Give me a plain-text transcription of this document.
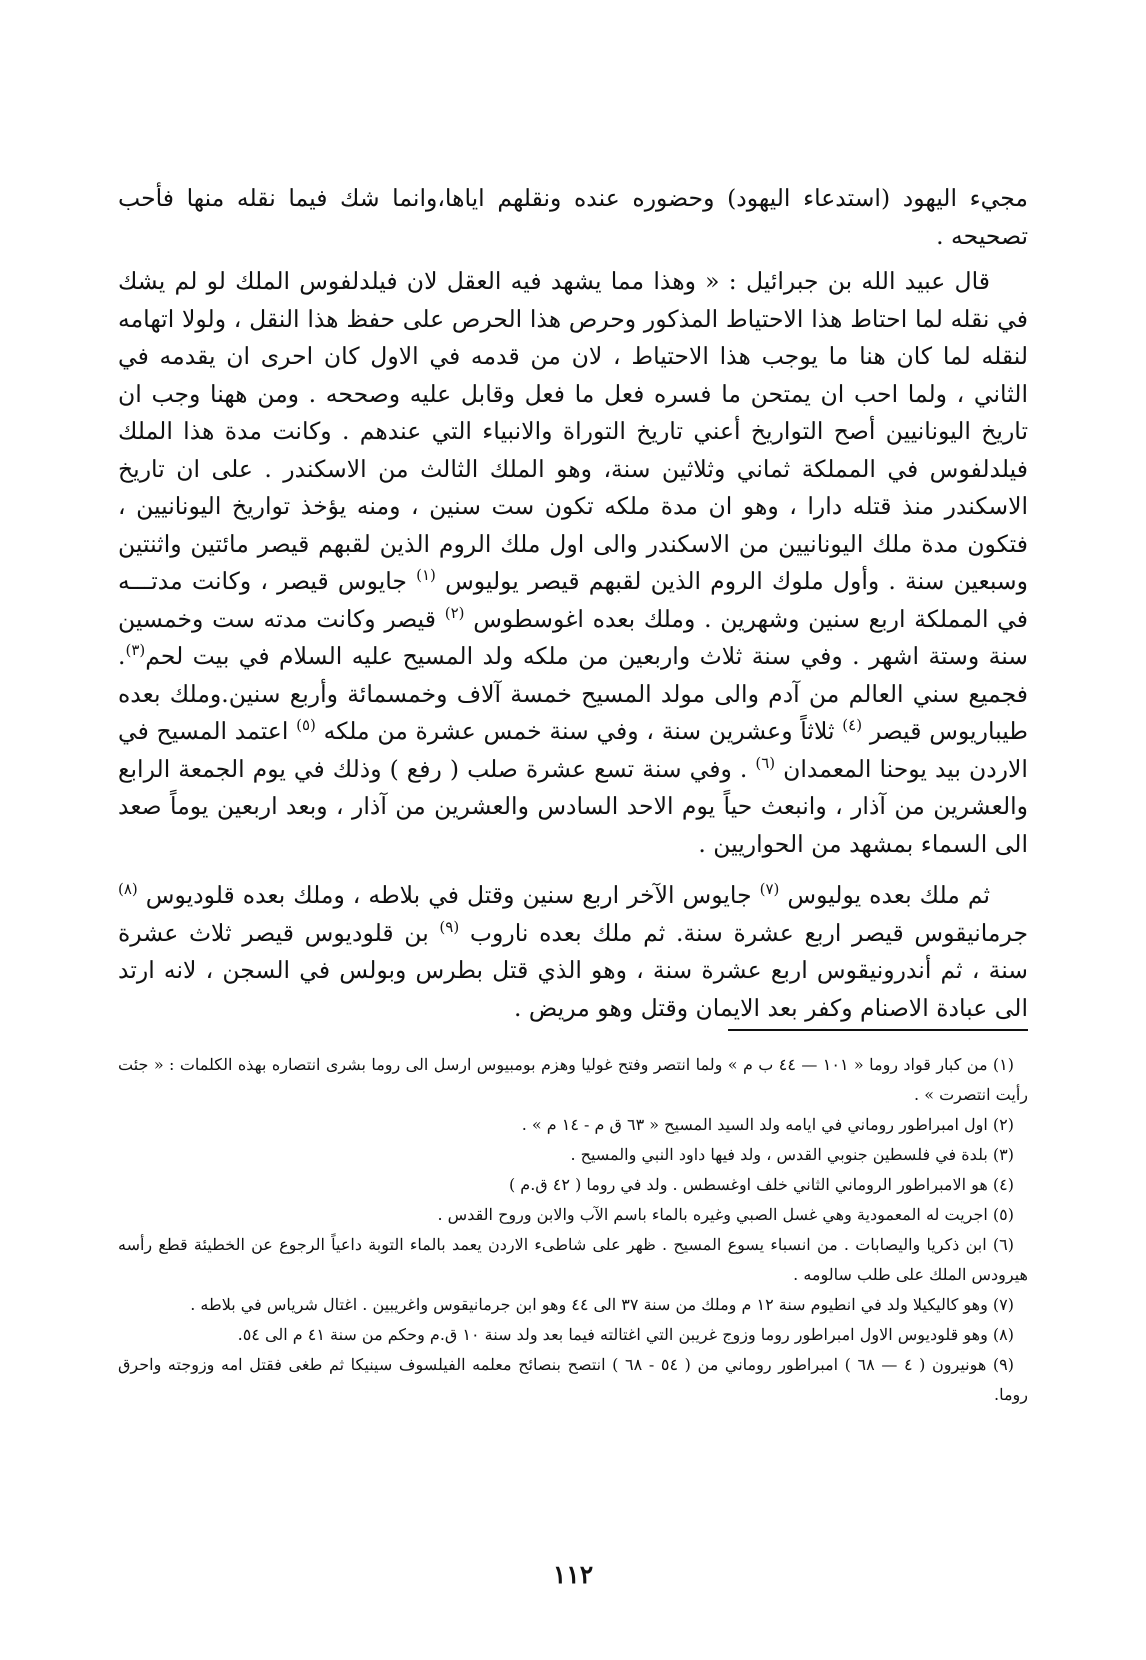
مجيء اليهود (استدعاء اليهود) وحضوره عنده ونقلهم اياها،وانما شك فيما نقله منها فأحب تصحيحه .

قال عبيد الله بن جبرائيل : « وهذا مما يشهد فيه العقل لان فيلدلفوس الملك لو لم يشك في نقله لما احتاط هذا الاحتياط المذكور وحرص هذا الحرص على حفظ هذا النقل ، ولولا اتهامه لنقله لما كان هنا ما يوجب هذا الاحتياط ، لان من قدمه في الاول كان احرى ان يقدمه في الثاني ، ولما احب ان يمتحن ما فسره فعل ما فعل وقابل عليه وصححه . ومن ههنا وجب ان تاريخ اليونانيين أصح التواريخ أعني تاريخ التوراة والانبياء التي عندهم . وكانت مدة هذا الملك فيلدلفوس في المملكة ثماني وثلاثين سنة، وهو الملك الثالث من الاسكندر . على ان تاريخ الاسكندر منذ قتله دارا ، وهو ان مدة ملكه تكون ست سنين ، ومنه يؤخذ تواريخ اليونانيين ، فتكون مدة ملك اليونانيين من الاسكندر والى اول ملك الروم الذين لقبهم قيصر مائتين واثنتين وسبعين سنة . وأول ملوك الروم الذين لقبهم قيصر يوليوس $^{(١)}$ جايوس قيصر ، وكانت مدتـــه في المملكة اربع سنين وشهرين . وملك بعده اغوسطوس $^{(٢)}$ قيصر وكانت مدته ست وخمسين سنة وستة اشهر . وفي سنة ثلاث واربعين من ملكه ولد المسيح عليه السلام في بيت لحم$^{(٣)}$. فجميع سني العالم من آدم والى مولد المسيح خمسة آلاف وخمسمائة وأربع سنين.وملك بعده طيباريوس قيصر $^{(٤)}$ ثلاثاً وعشرين سنة ، وفي سنة خمس عشرة من ملكه $^{(٥)}$ اعتمد المسيح في الاردن بيد يوحنا المعمدان $^{(٦)}$ . وفي سنة تسع عشرة صلب ( رفع ) وذلك في يوم الجمعة الرابع والعشرين من آذار ، وانبعث حياً يوم الاحد السادس والعشرين من آذار ، وبعد اربعين يوماً صعد الى السماء بمشهد من الحواريين .

ثم ملك بعده يوليوس $^{(٧)}$ جايوس الآخر اربع سنين وقتل في بلاطه ، وملك بعده قلوديوس $^{(٨)}$ جرمانيقوس قيصر اربع عشرة سنة. ثم ملك بعده ناروب $^{(٩)}$ بن قلوديوس قيصر ثلاث عشرة سنة ، ثم أندرونيقوس اربع عشرة سنة ، وهو الذي قتل بطرس وبولس في السجن ، لانه ارتد الى عبادة الاصنام وكفر بعد الايمان وقتل وهو مريض .

(١) من كبار قواد روما « ١٠١ — ٤٤ ب م » ولما انتصر وفتح غوليا وهزم بومبيوس ارسل الى روما بشرى انتصاره بهذه الكلمات : « جئت رأيت انتصرت » .

(٢) اول امبراطور روماني في ايامه ولد السيد المسيح « ٦٣ ق م - ١٤ م » .

(٣) بلدة في فلسطين جنوبي القدس ، ولد فيها داود النبي والمسيح .

(٤) هو الامبراطور الروماني الثاني خلف اوغسطس . ولد في روما ( ٤٢ ق.م )

(٥) اجريت له المعمودية وهي غسل الصبي وغيره بالماء باسم الآب والابن وروح القدس .

(٦) ابن ذكريا واليصابات . من انسباء يسوع المسيح . ظهر على شاطىء الاردن يعمد بالماء التوبة داعياً الرجوع عن الخطيئة قطع رأسه هيرودس الملك على طلب سالومه .

(٧) وهو كاليكيلا ولد في انطيوم سنة ١٢ م وملك من سنة ٣٧ الى ٤٤ وهو ابن جرمانيقوس واغريبين . اغتال شرياس في بلاطه .

(٨) وهو قلوديوس الاول امبراطور روما وزوج غريبن التي اغتالته فيما بعد ولد سنة ١٠ ق.م وحكم من سنة ٤١ م الى ٥٤.

(٩) هونيرون ( ٤ — ٦٨ ) امبراطور روماني من ( ٥٤ - ٦٨ ) انتصح بنصائح معلمه الفيلسوف سينيكا ثم طغى فقتل امه وزوجته واحرق روما.

١١٢
